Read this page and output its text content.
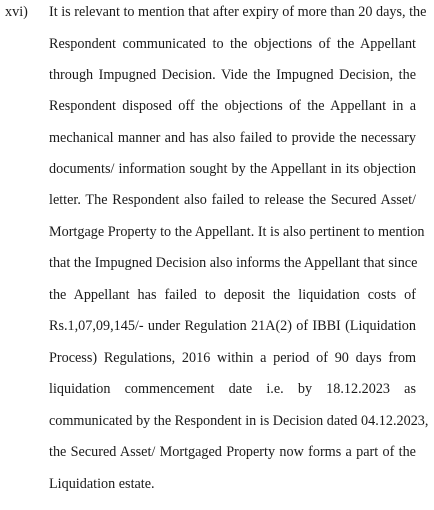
xvi) It is relevant to mention that after expiry of more than 20 days, the
Respondent communicated to the objections of the Appellant
through Impugned Decision. Vide the Impugned Decision, the
Respondent disposed off the objections of the Appellant in a
mechanical manner and has also failed to provide the necessary
documents/ information sought by the Appellant in its objection
letter. The Respondent also failed to release the Secured Asset/
Mortgage Property to the Appellant. It is also pertinent to mention
that the Impugned Decision also informs the Appellant that since
the Appellant has failed to deposit the liquidation costs of
Rs.1,07,09,145/- under Regulation 21A(2) of IBBI (Liquidation
Process) Regulations, 2016 within a period of 90 days from
liquidation commencement date i.e. by 18.12.2023 as
communicated by the Respondent in is Decision dated 04.12.2023,
the Secured Asset/ Mortgaged Property now forms a part of the
Liquidation estate.
